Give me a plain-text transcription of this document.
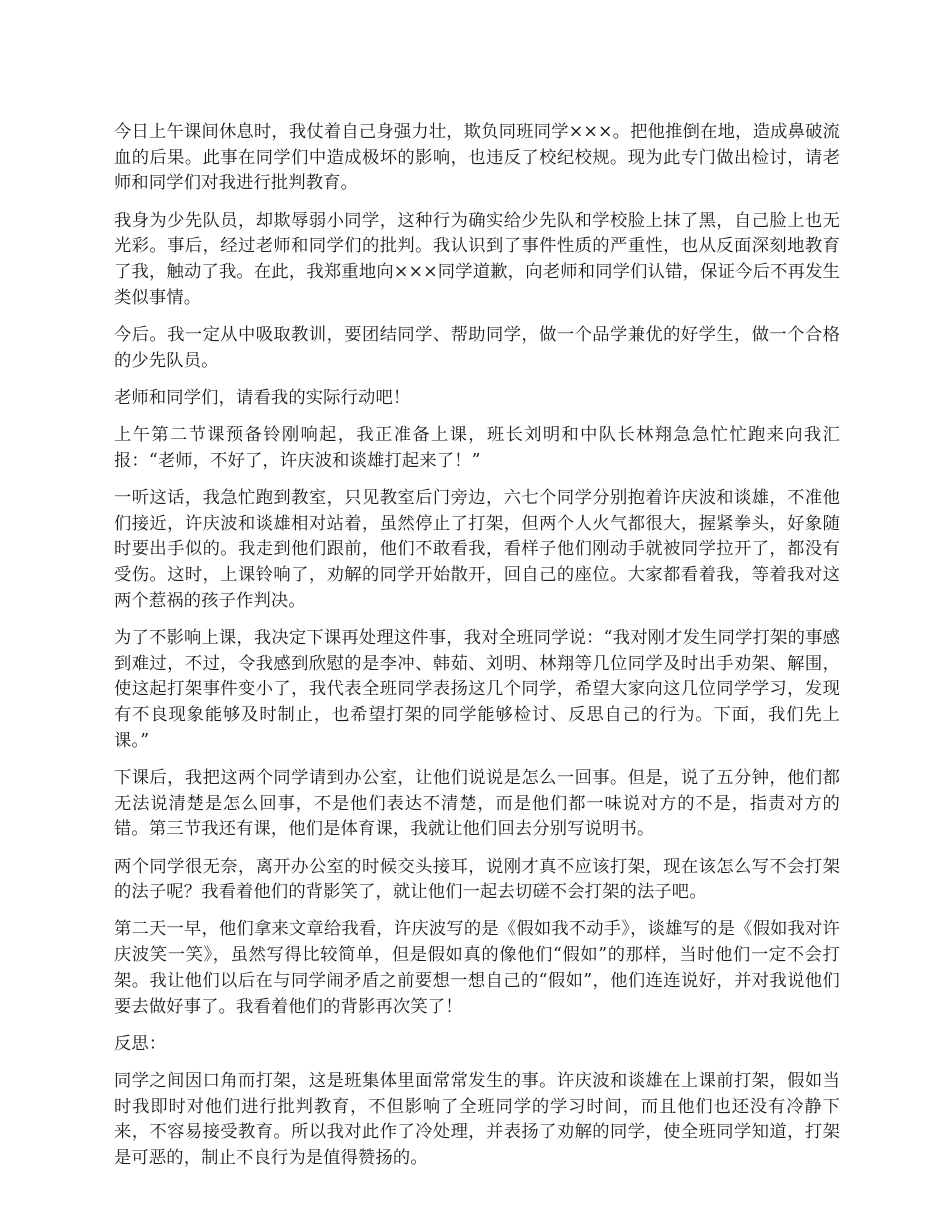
今日上午课间休息时，我仗着自己身强力壮，欺负同班同学×××。把他推倒在地，造成鼻破流血的后果。此事在同学们中造成极坏的影响，也违反了校纪校规。现为此专门做出检讨，请老师和同学们对我进行批判教育。

我身为少先队员，却欺辱弱小同学，这种行为确实给少先队和学校脸上抹了黑，自己脸上也无光彩。事后，经过老师和同学们的批判。我认识到了事件性质的严重性，也从反面深刻地教育了我，触动了我。在此，我郑重地向×××同学道歉，向老师和同学们认错，保证今后不再发生类似事情。

今后。我一定从中吸取教训，要团结同学、帮助同学，做一个品学兼优的好学生，做一个合格的少先队员。

老师和同学们，请看我的实际行动吧！

上午第二节课预备铃刚响起，我正准备上课，班长刘明和中队长林翔急急忙忙跑来向我汇报：“老师，不好了，许庆波和谈雄打起来了！”

一听这话，我急忙跑到教室，只见教室后门旁边，六七个同学分别抱着许庆波和谈雄，不准他们接近，许庆波和谈雄相对站着，虽然停止了打架，但两个人火气都很大，握紧拳头，好象随时要出手似的。我走到他们跟前，他们不敢看我，看样子他们刚动手就被同学拉开了，都没有受伤。这时，上课铃响了，劝解的同学开始散开，回自己的座位。大家都看着我，等着我对这两个惹祸的孩子作判决。

为了不影响上课，我决定下课再处理这件事，我对全班同学说：“我对刚才发生同学打架的事感到难过，不过，令我感到欣慰的是李冲、韩茹、刘明、林翔等几位同学及时出手劝架、解围，使这起打架事件变小了，我代表全班同学表扬这几个同学，希望大家向这几位同学学习，发现有不良现象能够及时制止，也希望打架的同学能够检讨、反思自己的行为。下面，我们先上课。”

下课后，我把这两个同学请到办公室，让他们说说是怎么一回事。但是，说了五分钟，他们都无法说清楚是怎么回事，不是他们表达不清楚，而是他们都一味说对方的不是，指责对方的错。第三节我还有课，他们是体育课，我就让他们回去分别写说明书。

两个同学很无奈，离开办公室的时候交头接耳，说刚才真不应该打架，现在该怎么写不会打架的法子呢？我看着他们的背影笑了，就让他们一起去切磋不会打架的法子吧。

第二天一早，他们拿来文章给我看，许庆波写的是《假如我不动手》，谈雄写的是《假如我对许庆波笑一笑》，虽然写得比较简单，但是假如真的像他们“假如”的那样，当时他们一定不会打架。我让他们以后在与同学闹矛盾之前要想一想自己的“假如”，他们连连说好，并对我说他们要去做好事了。我看着他们的背影再次笑了！

反思：

同学之间因口角而打架，这是班集体里面常常发生的事。许庆波和谈雄在上课前打架，假如当时我即时对他们进行批判教育，不但影响了全班同学的学习时间，而且他们也还没有冷静下来，不容易接受教育。所以我对此作了冷处理，并表扬了劝解的同学，使全班同学知道，打架是可恶的，制止不良行为是值得赞扬的。
